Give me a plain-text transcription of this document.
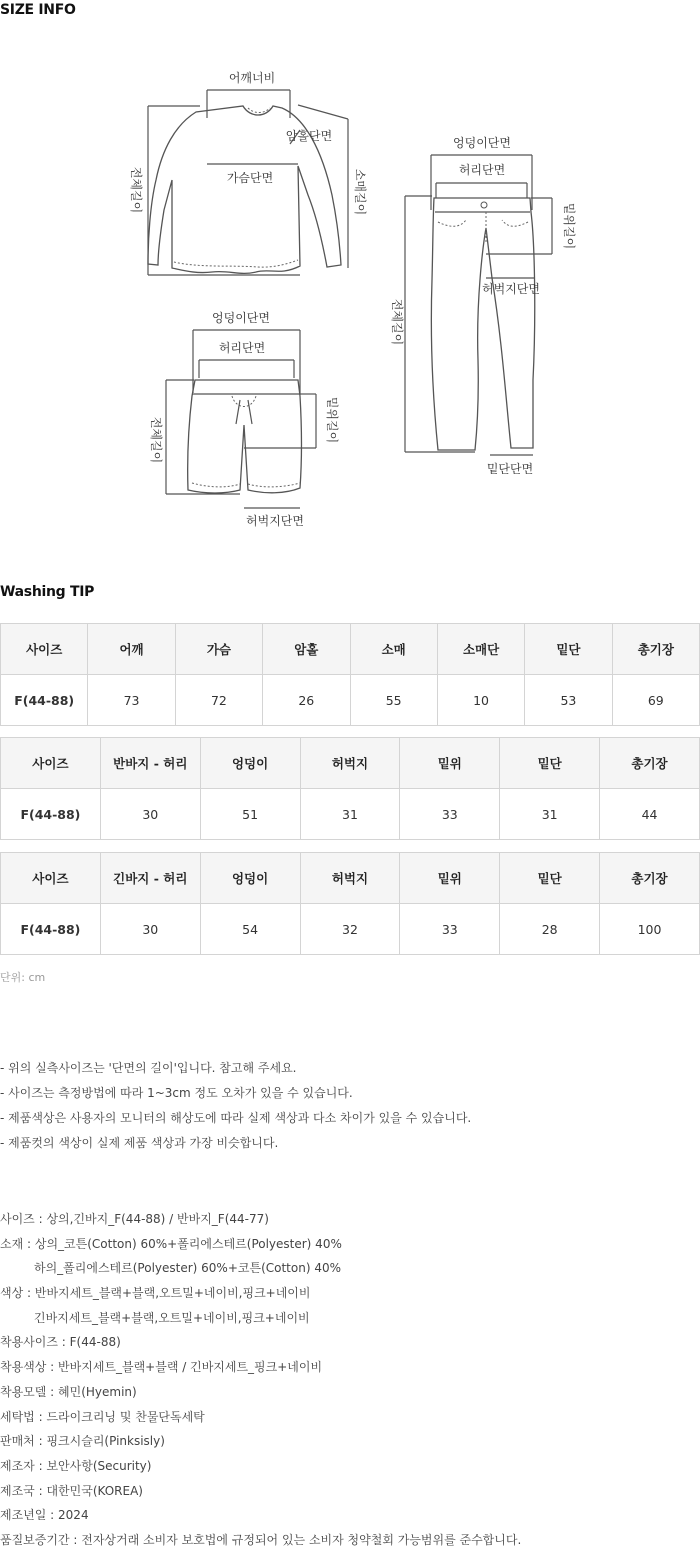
SIZE INFO
어깨너비
암홀단면
가슴단면
전체길이	소매길이
엉덩이단면
허리단면
밑위길이
허벅지단면
전체길이
밑단단면
엉덩이단면
허리단면
밑위길이
전체길이
허벅지단면
Washing TIP
사이즈	어깨	가슴	암홀	소매	소매단	밑단	총기장
F(44-88)	73	72	26	55	10	53	69
사이즈	반바지 - 허리	엉덩이	허벅지	밑위	밑단	총기장
F(44-88)	30	51	31	33	31	44
사이즈	긴바지 - 허리	엉덩이	허벅지	밑위	밑단	총기장
F(44-88)	30	54	32	33	28	100
단위: cm
- 위의 실측사이즈는 '단면의 길이'입니다. 참고해 주세요.
- 사이즈는 측정방법에 따라 1~3cm 정도 오차가 있을 수 있습니다.
- 제품색상은 사용자의 모니터의 해상도에 따라 실제 색상과 다소 차이가 있을 수 있습니다.
- 제품컷의 색상이 실제 제품 색상과 가장 비슷합니다.
사이즈 : 상의,긴바지_F(44-88) / 반바지_F(44-77)
소재 : 상의_코튼(Cotton) 60%+폴리에스테르(Polyester) 40%
하의_폴리에스테르(Polyester) 60%+코튼(Cotton) 40%
색상 : 반바지세트_블랙+블랙,오트밀+네이비,핑크+네이비
긴바지세트_블랙+블랙,오트밀+네이비,핑크+네이비
착용사이즈 : F(44-88)
착용색상 : 반바지세트_블랙+블랙 / 긴바지세트_핑크+네이비
착용모델 : 혜민(Hyemin)
세탁법 : 드라이크리닝 및 찬물단독세탁
판매처 : 핑크시슬리(Pinksisly)
제조자 : 보안사항(Security)
제조국 : 대한민국(KOREA)
제조년일 : 2024
품질보증기간 : 전자상거래 소비자 보호법에 규정되어 있는 소비자 청약철회 가능범위를 준수합니다.
